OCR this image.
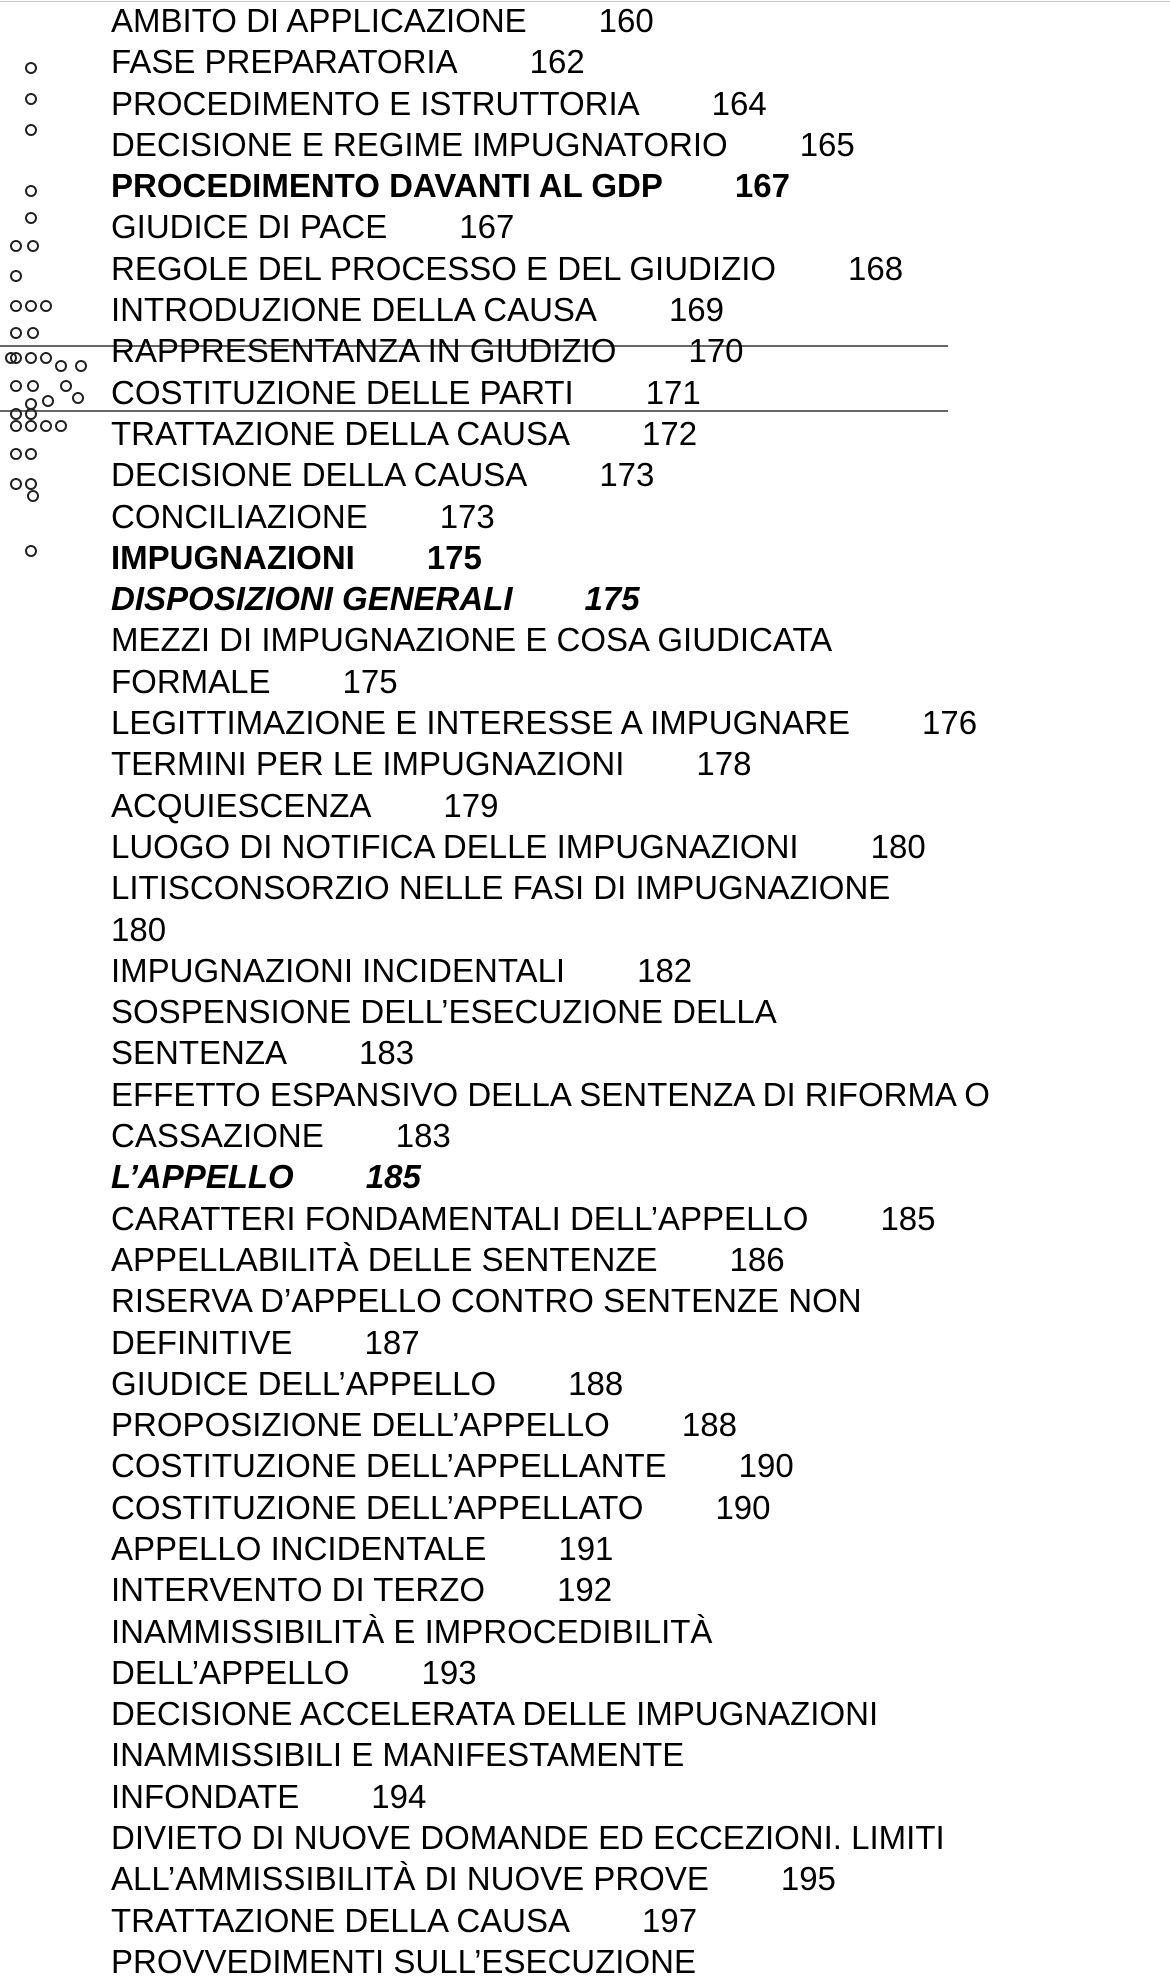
AMBITO DI APPLICAZIONE 160
FASE PREPARATORIA 162
PROCEDIMENTO E ISTRUTTORIA 164
DECISIONE E REGIME IMPUGNATORIO 165
PROCEDIMENTO DAVANTI AL GDP 167
GIUDICE DI PACE 167
REGOLE DEL PROCESSO E DEL GIUDIZIO 168
INTRODUZIONE DELLA CAUSA 169
RAPPRESENTANZA IN GIUDIZIO 170
COSTITUZIONE DELLE PARTI 171
TRATTAZIONE DELLA CAUSA 172
DECISIONE DELLA CAUSA 173
CONCILIAZIONE 173
IMPUGNAZIONI 175
DISPOSIZIONI GENERALI 175
MEZZI DI IMPUGNAZIONE E COSA GIUDICATA
FORMALE 175
LEGITTIMAZIONE E INTERESSE A IMPUGNARE 176
TERMINI PER LE IMPUGNAZIONI 178
ACQUIESCENZA 179
LUOGO DI NOTIFICA DELLE IMPUGNAZIONI 180
LITISCONSORZIO NELLE FASI DI IMPUGNAZIONE
180
IMPUGNAZIONI INCIDENTALI 182
SOSPENSIONE DELL’ESECUZIONE DELLA
SENTENZA 183
EFFETTO ESPANSIVO DELLA SENTENZA DI RIFORMA O
CASSAZIONE 183
L’APPELLO 185
CARATTERI FONDAMENTALI DELL’APPELLO 185
APPELLABILITÀ DELLE SENTENZE 186
RISERVA D’APPELLO CONTRO SENTENZE NON
DEFINITIVE 187
GIUDICE DELL’APPELLO 188
PROPOSIZIONE DELL’APPELLO 188
COSTITUZIONE DELL’APPELLANTE 190
COSTITUZIONE DELL’APPELLATO 190
APPELLO INCIDENTALE 191
INTERVENTO DI TERZO 192
INAMMISSIBILITÀ E IMPROCEDIBILITÀ
DELL’APPELLO 193
DECISIONE ACCELERATA DELLE IMPUGNAZIONI
INAMMISSIBILI E MANIFESTAMENTE
INFONDATE 194
DIVIETO DI NUOVE DOMANDE ED ECCEZIONI. LIMITI
ALL’AMMISSIBILITÀ DI NUOVE PROVE 195
TRATTAZIONE DELLA CAUSA 197
PROVVEDIMENTI SULL’ESECUZIONE
